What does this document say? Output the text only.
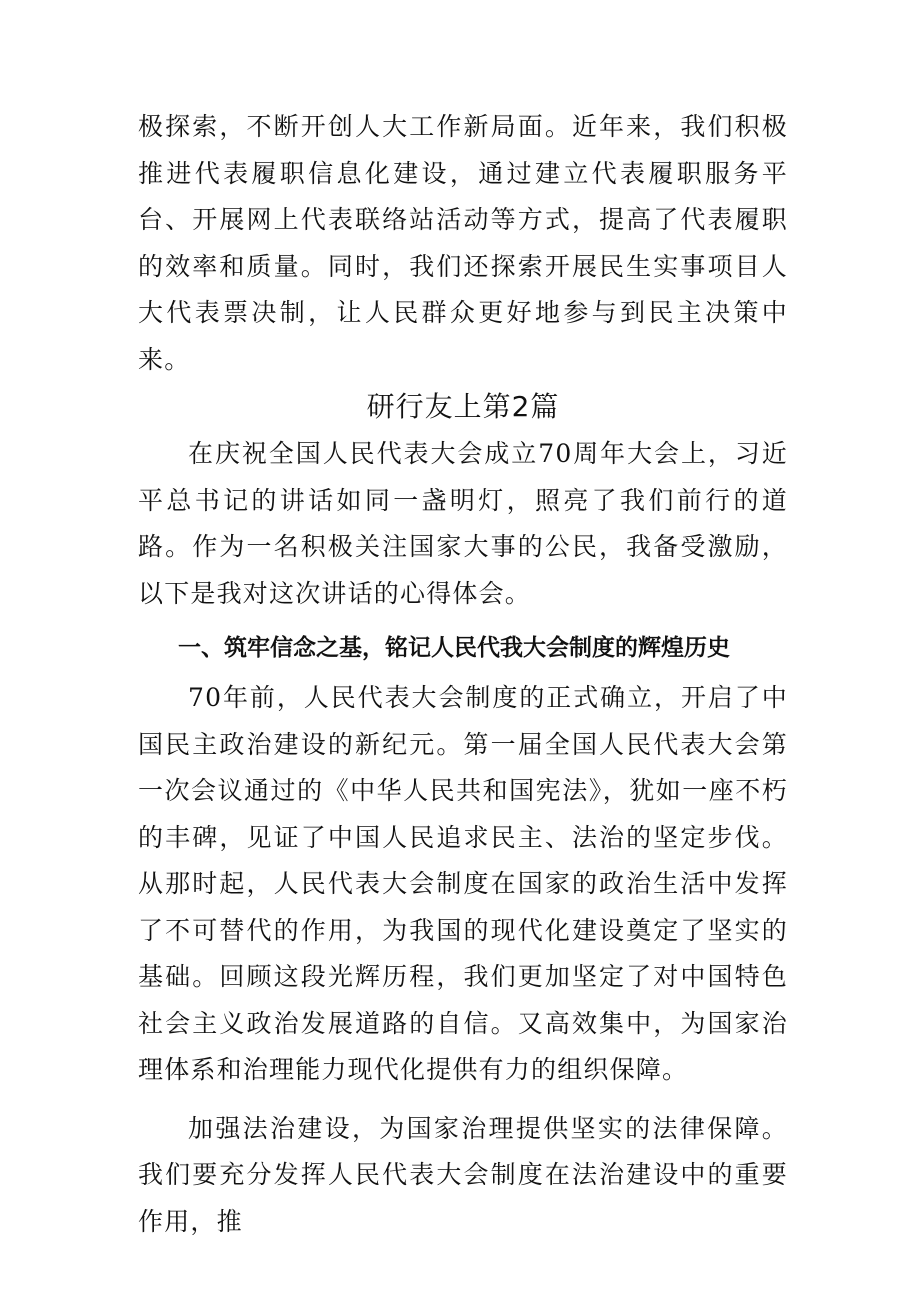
极探索，不断开创人大工作新局面。近年来，我们积极推进代表履职信息化建设，通过建立代表履职服务平台、开展网上代表联络站活动等方式，提高了代表履职的效率和质量。同时，我们还探索开展民生实事项目人大代表票决制，让人民群众更好地参与到民主决策中来。

研行友上第2篇

在庆祝全国人民代表大会成立70周年大会上，习近平总书记的讲话如同一盏明灯，照亮了我们前行的道路。作为一名积极关注国家大事的公民，我备受激励，以下是我对这次讲话的心得体会。

一、筑牢信念之基，铭记人民代我大会制度的辉煌历史

70年前，人民代表大会制度的正式确立，开启了中国民主政治建设的新纪元。第一届全国人民代表大会第一次会议通过的《中华人民共和国宪法》，犹如一座不朽的丰碑，见证了中国人民追求民主、法治的坚定步伐。从那时起，人民代表大会制度在国家的政治生活中发挥了不可替代的作用，为我国的现代化建设奠定了坚实的基础。回顾这段光辉历程，我们更加坚定了对中国特色社会主义政治发展道路的自信。又高效集中，为国家治理体系和治理能力现代化提供有力的组织保障。

加强法治建设，为国家治理提供坚实的法律保障。我们要充分发挥人民代表大会制度在法治建设中的重要作用，推
